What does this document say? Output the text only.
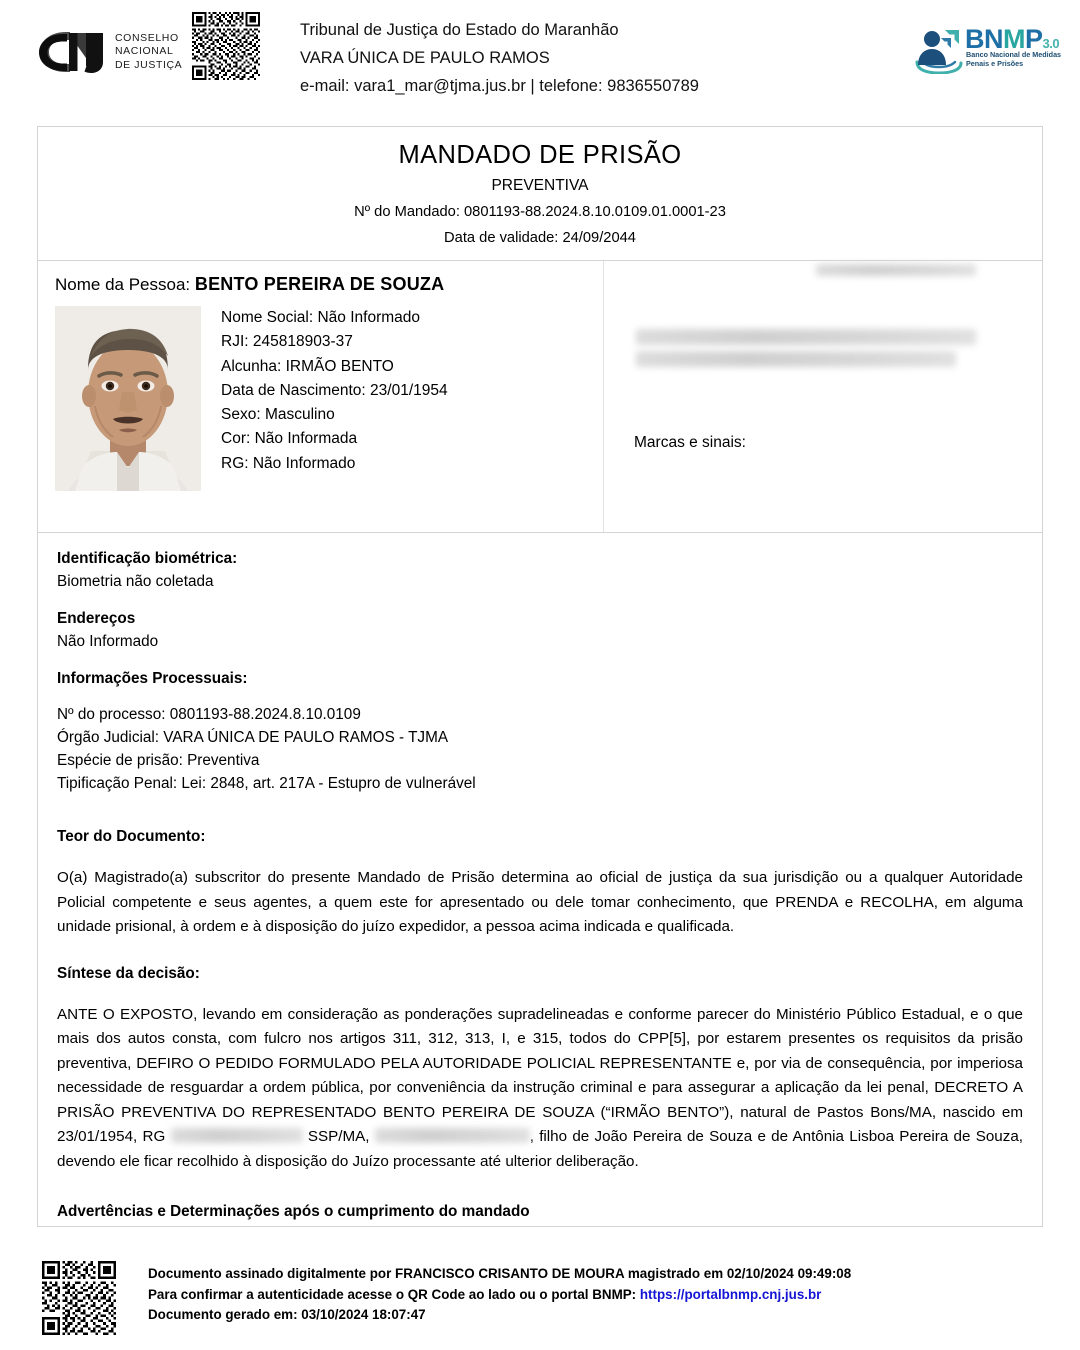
CONSELHO
NACIONAL
DE JUSTIÇA
Tribunal de Justiça do Estado do Maranhão
VARA ÚNICA DE PAULO RAMOS
e-mail: vara1_mar@tjma.jus.br | telefone: 9836550789
BNMP3.0
Banco Nacional de Medidas
Penais e Prisões
MANDADO DE PRISÃO
PREVENTIVA
Nº do Mandado: 0801193-88.2024.8.10.0109.01.0001-23
Data de validade: 24/09/2044
Nome da Pessoa: BENTO PEREIRA DE SOUZA
Nome Social: Não Informado
RJI: 245818903-37
Alcunha: IRMÃO BENTO
Data de Nascimento: 23/01/1954
Sexo: Masculino
Cor: Não Informada
RG: Não Informado
Marcas e sinais:
Identificação biométrica:
Biometria não coletada
Endereços
Não Informado
Informações Processuais:
Nº do processo: 0801193-88.2024.8.10.0109
Órgão Judicial: VARA ÚNICA DE PAULO RAMOS - TJMA
Espécie de prisão: Preventiva
Tipificação Penal: Lei: 2848, art. 217A - Estupro de vulnerável
Teor do Documento:
O(a) Magistrado(a) subscritor do presente Mandado de Prisão determina ao oficial de justiça da sua jurisdição ou a qualquer Autoridade Policial competente e seus agentes, a quem este for apresentado ou dele tomar conhecimento, que PRENDA e RECOLHA, em alguma unidade prisional, à ordem e à disposição do juízo expedidor, a pessoa acima indicada e qualificada.
Síntese da decisão:
ANTE O EXPOSTO, levando em consideração as ponderações supradelineadas e conforme parecer do Ministério Público Estadual, e o que mais dos autos consta, com fulcro nos artigos 311, 312, 313, I, e 315, todos do CPP[5], por estarem presentes os requisitos da prisão preventiva, DEFIRO O PEDIDO FORMULADO PELA AUTORIDADE POLICIAL REPRESENTANTE e, por via de consequência, por imperiosa necessidade de resguardar a ordem pública, por conveniência da instrução criminal e para assegurar a aplicação da lei penal, DECRETO A PRISÃO PREVENTIVA DO REPRESENTADO BENTO PEREIRA DE SOUZA (“IRMÃO BENTO”), natural de Pastos Bons/MA, nascido em 23/01/1954, RG	SSP/MA,	, filho de João Pereira de Souza e de Antônia Lisboa Pereira de Souza, devendo ele ficar recolhido à disposição do Juízo processante até ulterior deliberação.
Advertências e Determinações após o cumprimento do mandado
Documento assinado digitalmente por FRANCISCO CRISANTO DE MOURA magistrado em 02/10/2024 09:49:08
Para confirmar a autenticidade acesse o QR Code ao lado ou o portal BNMP: https://portalbnmp.cnj.jus.br
Documento gerado em: 03/10/2024 18:07:47
